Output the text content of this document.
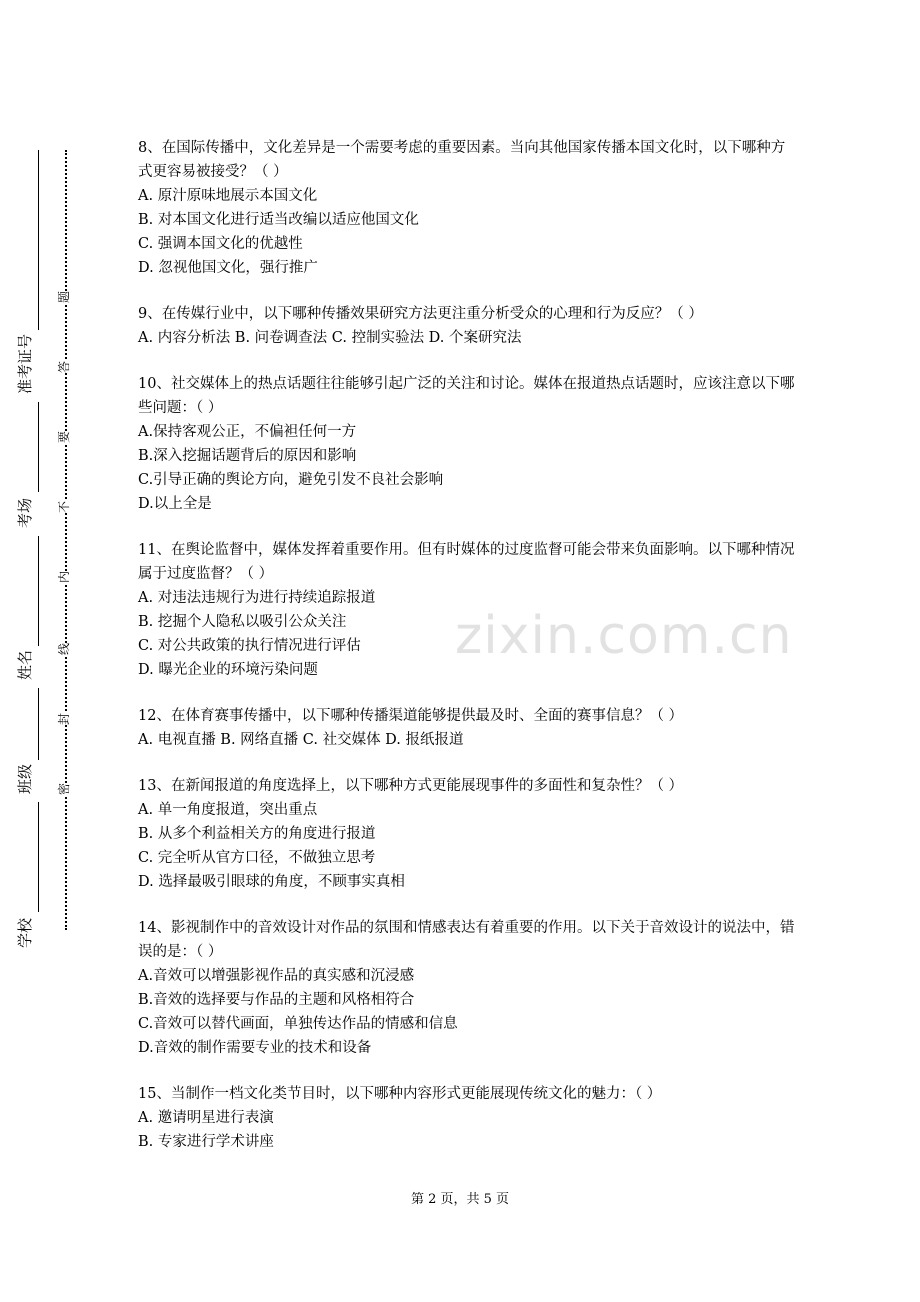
题
答
要
不
内
线
封
密
准考证号
考场
姓名
班级
学校
zixin.com.cn
8、在国际传播中，文化差异是一个需要考虑的重要因素。当向其他国家传播本国文化时，以下哪种方式更容易被接受？（ ）
A. 原汁原味地展示本国文化
B. 对本国文化进行适当改编以适应他国文化
C. 强调本国文化的优越性
D. 忽视他国文化，强行推广
9、在传媒行业中，以下哪种传播效果研究方法更注重分析受众的心理和行为反应？（ ）
A. 内容分析法 B. 问卷调查法 C. 控制实验法 D. 个案研究法
10、社交媒体上的热点话题往往能够引起广泛的关注和讨论。媒体在报道热点话题时，应该注意以下哪些问题：（ ）
A.保持客观公正，不偏袒任何一方
B.深入挖掘话题背后的原因和影响
C.引导正确的舆论方向，避免引发不良社会影响
D.以上全是
11、在舆论监督中，媒体发挥着重要作用。但有时媒体的过度监督可能会带来负面影响。以下哪种情况属于过度监督？（ ）
A. 对违法违规行为进行持续追踪报道
B. 挖掘个人隐私以吸引公众关注
C. 对公共政策的执行情况进行评估
D. 曝光企业的环境污染问题
12、在体育赛事传播中，以下哪种传播渠道能够提供最及时、全面的赛事信息？（ ）
A. 电视直播 B. 网络直播 C. 社交媒体 D. 报纸报道
13、在新闻报道的角度选择上，以下哪种方式更能展现事件的多面性和复杂性？（ ）
A. 单一角度报道，突出重点
B. 从多个利益相关方的角度进行报道
C. 完全听从官方口径，不做独立思考
D. 选择最吸引眼球的角度，不顾事实真相
14、影视制作中的音效设计对作品的氛围和情感表达有着重要的作用。以下关于音效设计的说法中，错误的是：（ ）
A.音效可以增强影视作品的真实感和沉浸感
B.音效的选择要与作品的主题和风格相符合
C.音效可以替代画面，单独传达作品的情感和信息
D.音效的制作需要专业的技术和设备
15、当制作一档文化类节目时，以下哪种内容形式更能展现传统文化的魅力：（ ）
A. 邀请明星进行表演
B. 专家进行学术讲座
第 2 页，共 5 页
